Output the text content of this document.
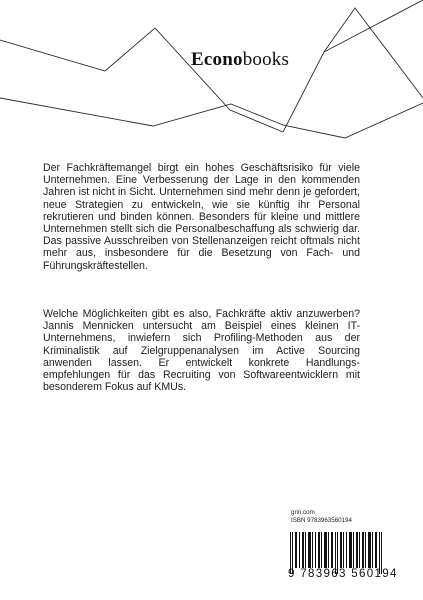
Econobooks
Der Fachkräftemangel birgt ein hohes Geschäftsrisiko für viele Unternehmen. Eine Verbesserung der Lage in den kommenden Jahren ist nicht in Sicht. Unternehmen sind mehr denn je gefordert, neue Strategien zu entwickeln, wie sie künftig ihr Personal rekrutieren und binden können. Besonders für kleine und mittlere Unternehmen stellt sich die Personalbeschaffung als schwierig dar. Das passive Ausschreiben von Stellenanzeigen reicht oftmals nicht mehr aus, insbesondere für die Besetzung von Fach- und Führungskräftestellen.
Welche Möglichkeiten gibt es also, Fachkräfte aktiv anzuwerben? Jannis Mennicken untersucht am Beispiel eines kleinen IT-Unternehmens, inwiefern sich Profiling-Methoden aus der Kriminalistik auf Zielgruppenanalysen im Active Sourcing anwenden lassen. Er entwickelt konkrete Handlungs- empfehlungen für das Recruiting von Softwareentwicklern mit besonderem Fokus auf KMUs.
grin.com
ISBN 9783963560194
9 783963 560194
